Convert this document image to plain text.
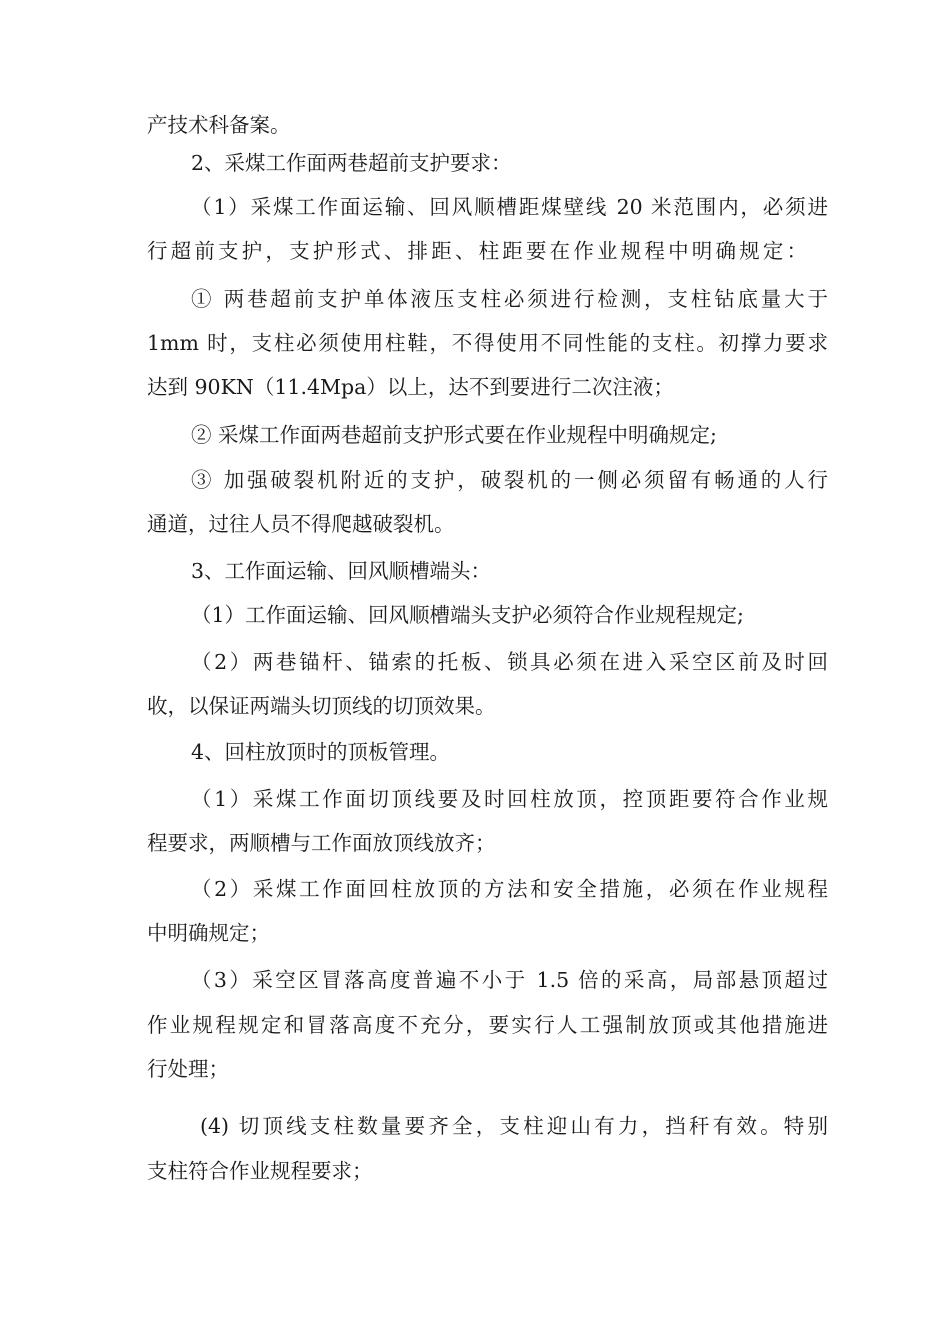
产技术科备案。
2、采煤工作面两巷超前支护要求：
（1）采煤工作面运输、回风顺槽距煤壁线 20 米范围内，必须进
行超前支护，支护形式、排距、柱距要在作业规程中明确规定：
① 两巷超前支护单体液压支柱必须进行检测，支柱钻底量大于
1mm 时，支柱必须使用柱鞋，不得使用不同性能的支柱。初撑力要求
达到 90KN（11.4Mpa）以上，达不到要进行二次注液；
② 采煤工作面两巷超前支护形式要在作业规程中明确规定;
③ 加强破裂机附近的支护，破裂机的一侧必须留有畅通的人行
通道，过往人员不得爬越破裂机。
3、工作面运输、回风顺槽端头：
（1）工作面运输、回风顺槽端头支护必须符合作业规程规定;
（2）两巷锚杆、锚索的托板、锁具必须在进入采空区前及时回
收，以保证两端头切顶线的切顶效果。
4、回柱放顶时的顶板管理。
（1）采煤工作面切顶线要及时回柱放顶，控顶距要符合作业规
程要求，两顺槽与工作面放顶线放齐；
（2）采煤工作面回柱放顶的方法和安全措施，必须在作业规程
中明确规定；
（3）采空区冒落高度普遍不小于 1.5 倍的采高，局部悬顶超过
作业规程规定和冒落高度不充分，要实行人工强制放顶或其他措施进
行处理；
(4) 切顶线支柱数量要齐全，支柱迎山有力，挡秆有效。特别
支柱符合作业规程要求；
